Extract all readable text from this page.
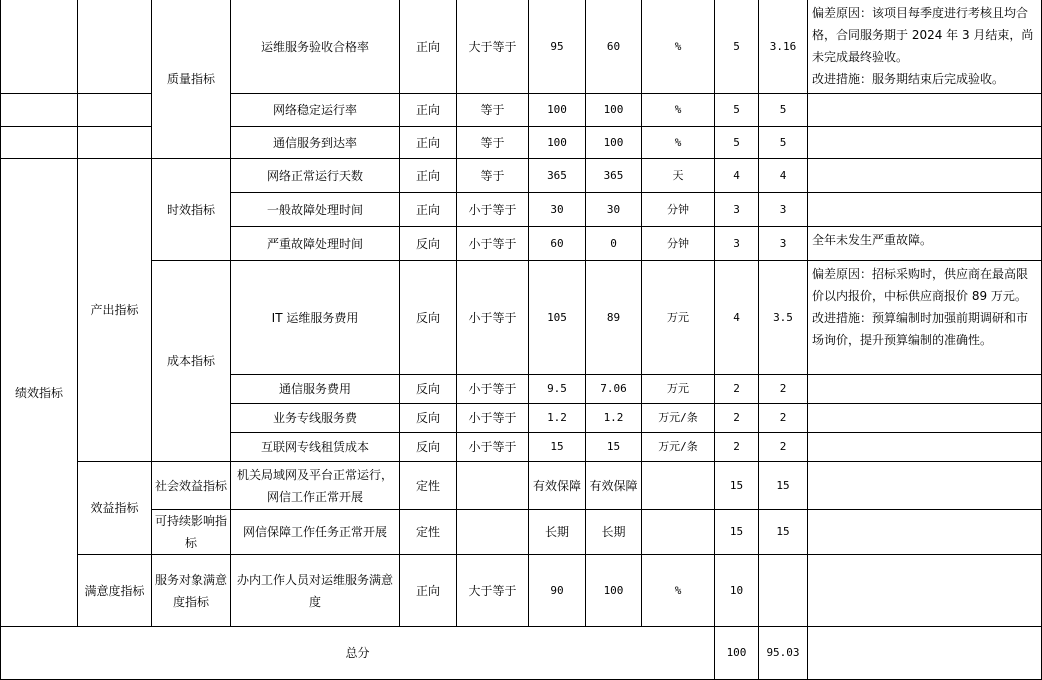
		质量指标	运维服务验收合格率	正向	大于等于	95	60	%	5	3.16	偏差原因：该项目每季度进行考核且均合格，合同服务期于 2024 年 3 月结束，尚未完成最终验收。

改进措施：服务期结束后完成验收。

			网络稳定运行率	正向	等于	100	100	%	5	5	
			通信服务到达率	正向	等于	100	100	%	5	5	
绩效指标	产出指标	时效指标	网络正常运行天数	正向	等于	365	365	天	4	4	
			一般故障处理时间	正向	小于等于	30	30	分钟	3	3	
			严重故障处理时间	反向	小于等于	60	0	分钟	3	3	全年未发生严重故障。

		成本指标	IT 运维服务费用	反向	小于等于	105	89	万元	4	3.5	偏差原因：招标采购时，供应商在最高限价以内报价，中标供应商报价 89 万元。

改进措施：预算编制时加强前期调研和市场询价，提升预算编制的准确性。

			通信服务费用	反向	小于等于	9.5	7.06	万元	2	2	
			业务专线服务费	反向	小于等于	1.2	1.2	万元/条	2	2	
			互联网专线租赁成本	反向	小于等于	15	15	万元/条	2	2	
	效益指标	社会效益指标	机关局域网及平台正常运行，网信工作正常开展	定性		有效保障	有效保障		15	15	
		可持续影响指标	网信保障工作任务正常开展	定性		长期	长期		15	15	
	满意度指标	服务对象满意度指标	办内工作人员对运维服务满意度	正向	大于等于	90	100	%	10		
总分									100	95.03	
